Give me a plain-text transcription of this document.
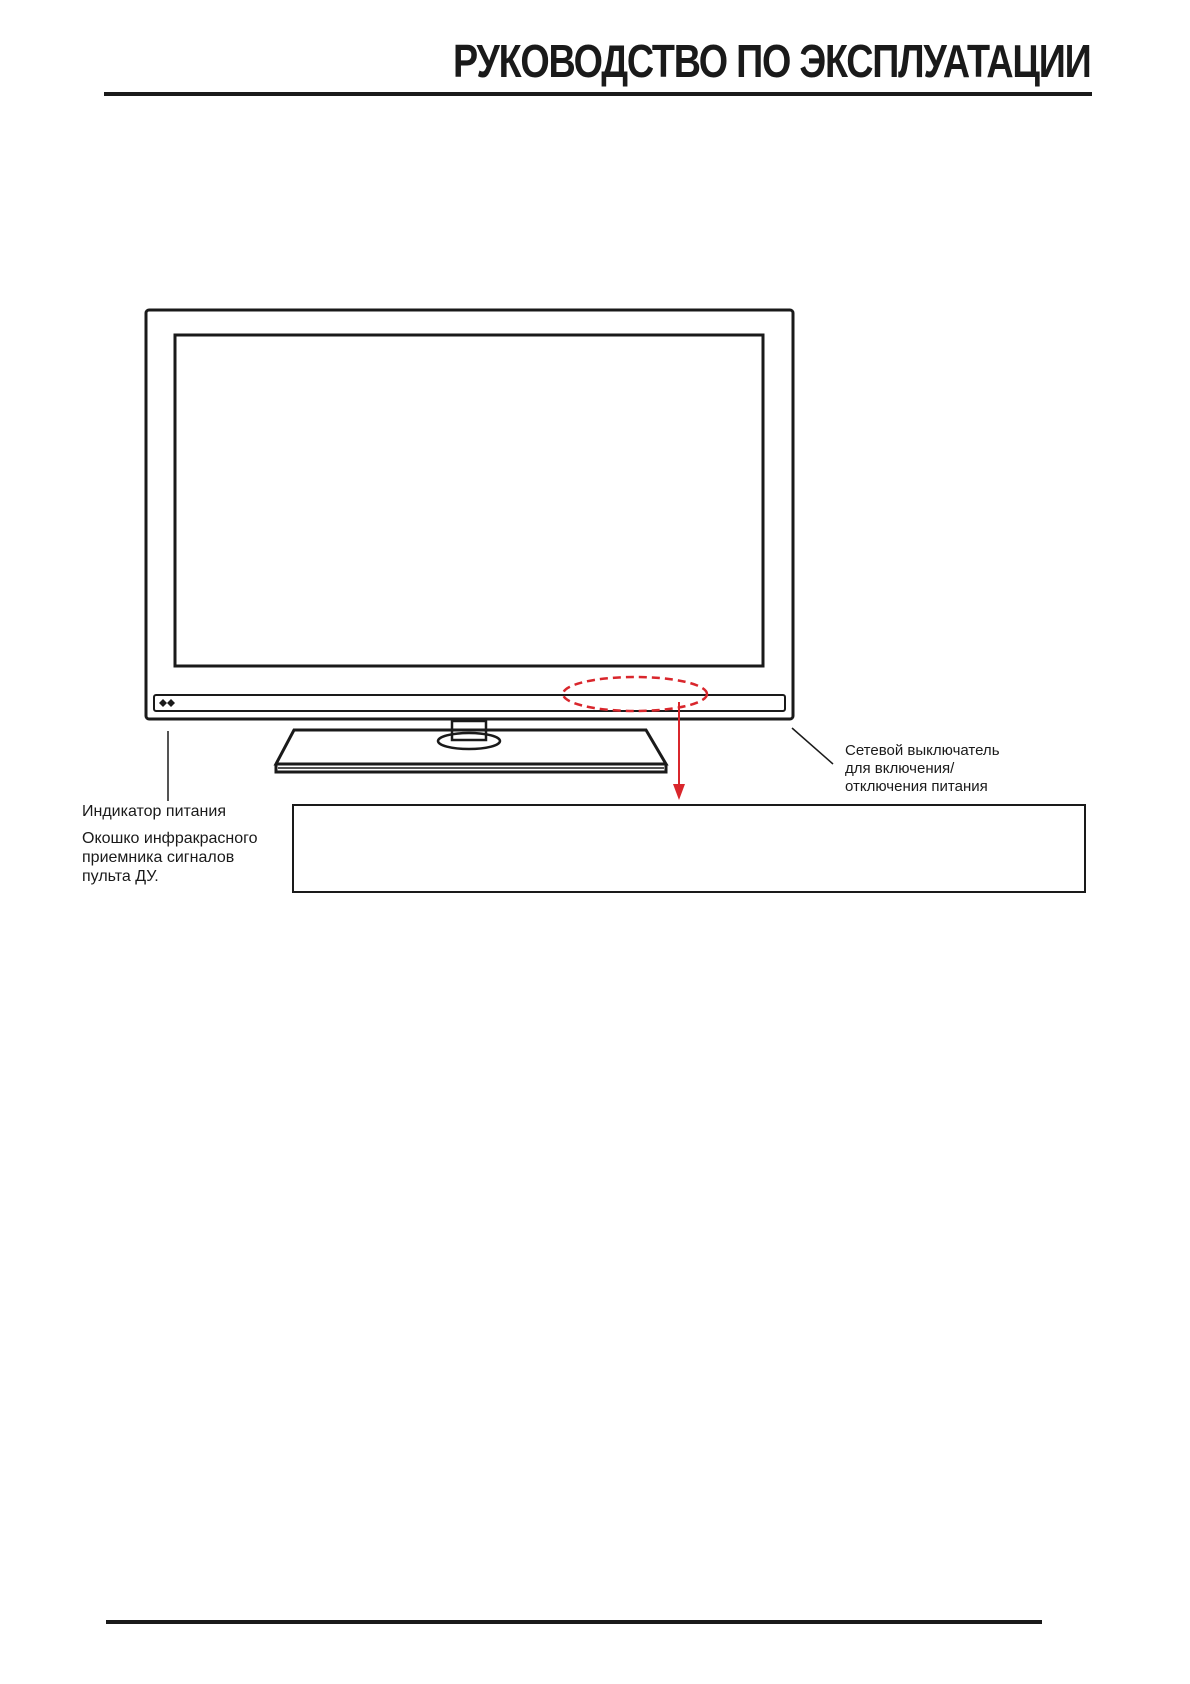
РУКОВОДСТВО ПО ЭКСПЛУАТАЦИИ
Индикатор питания
Окошко инфракрасного
приемника сигналов
пульта ДУ.
Сетевой выключатель
для включения/
отключения питания
